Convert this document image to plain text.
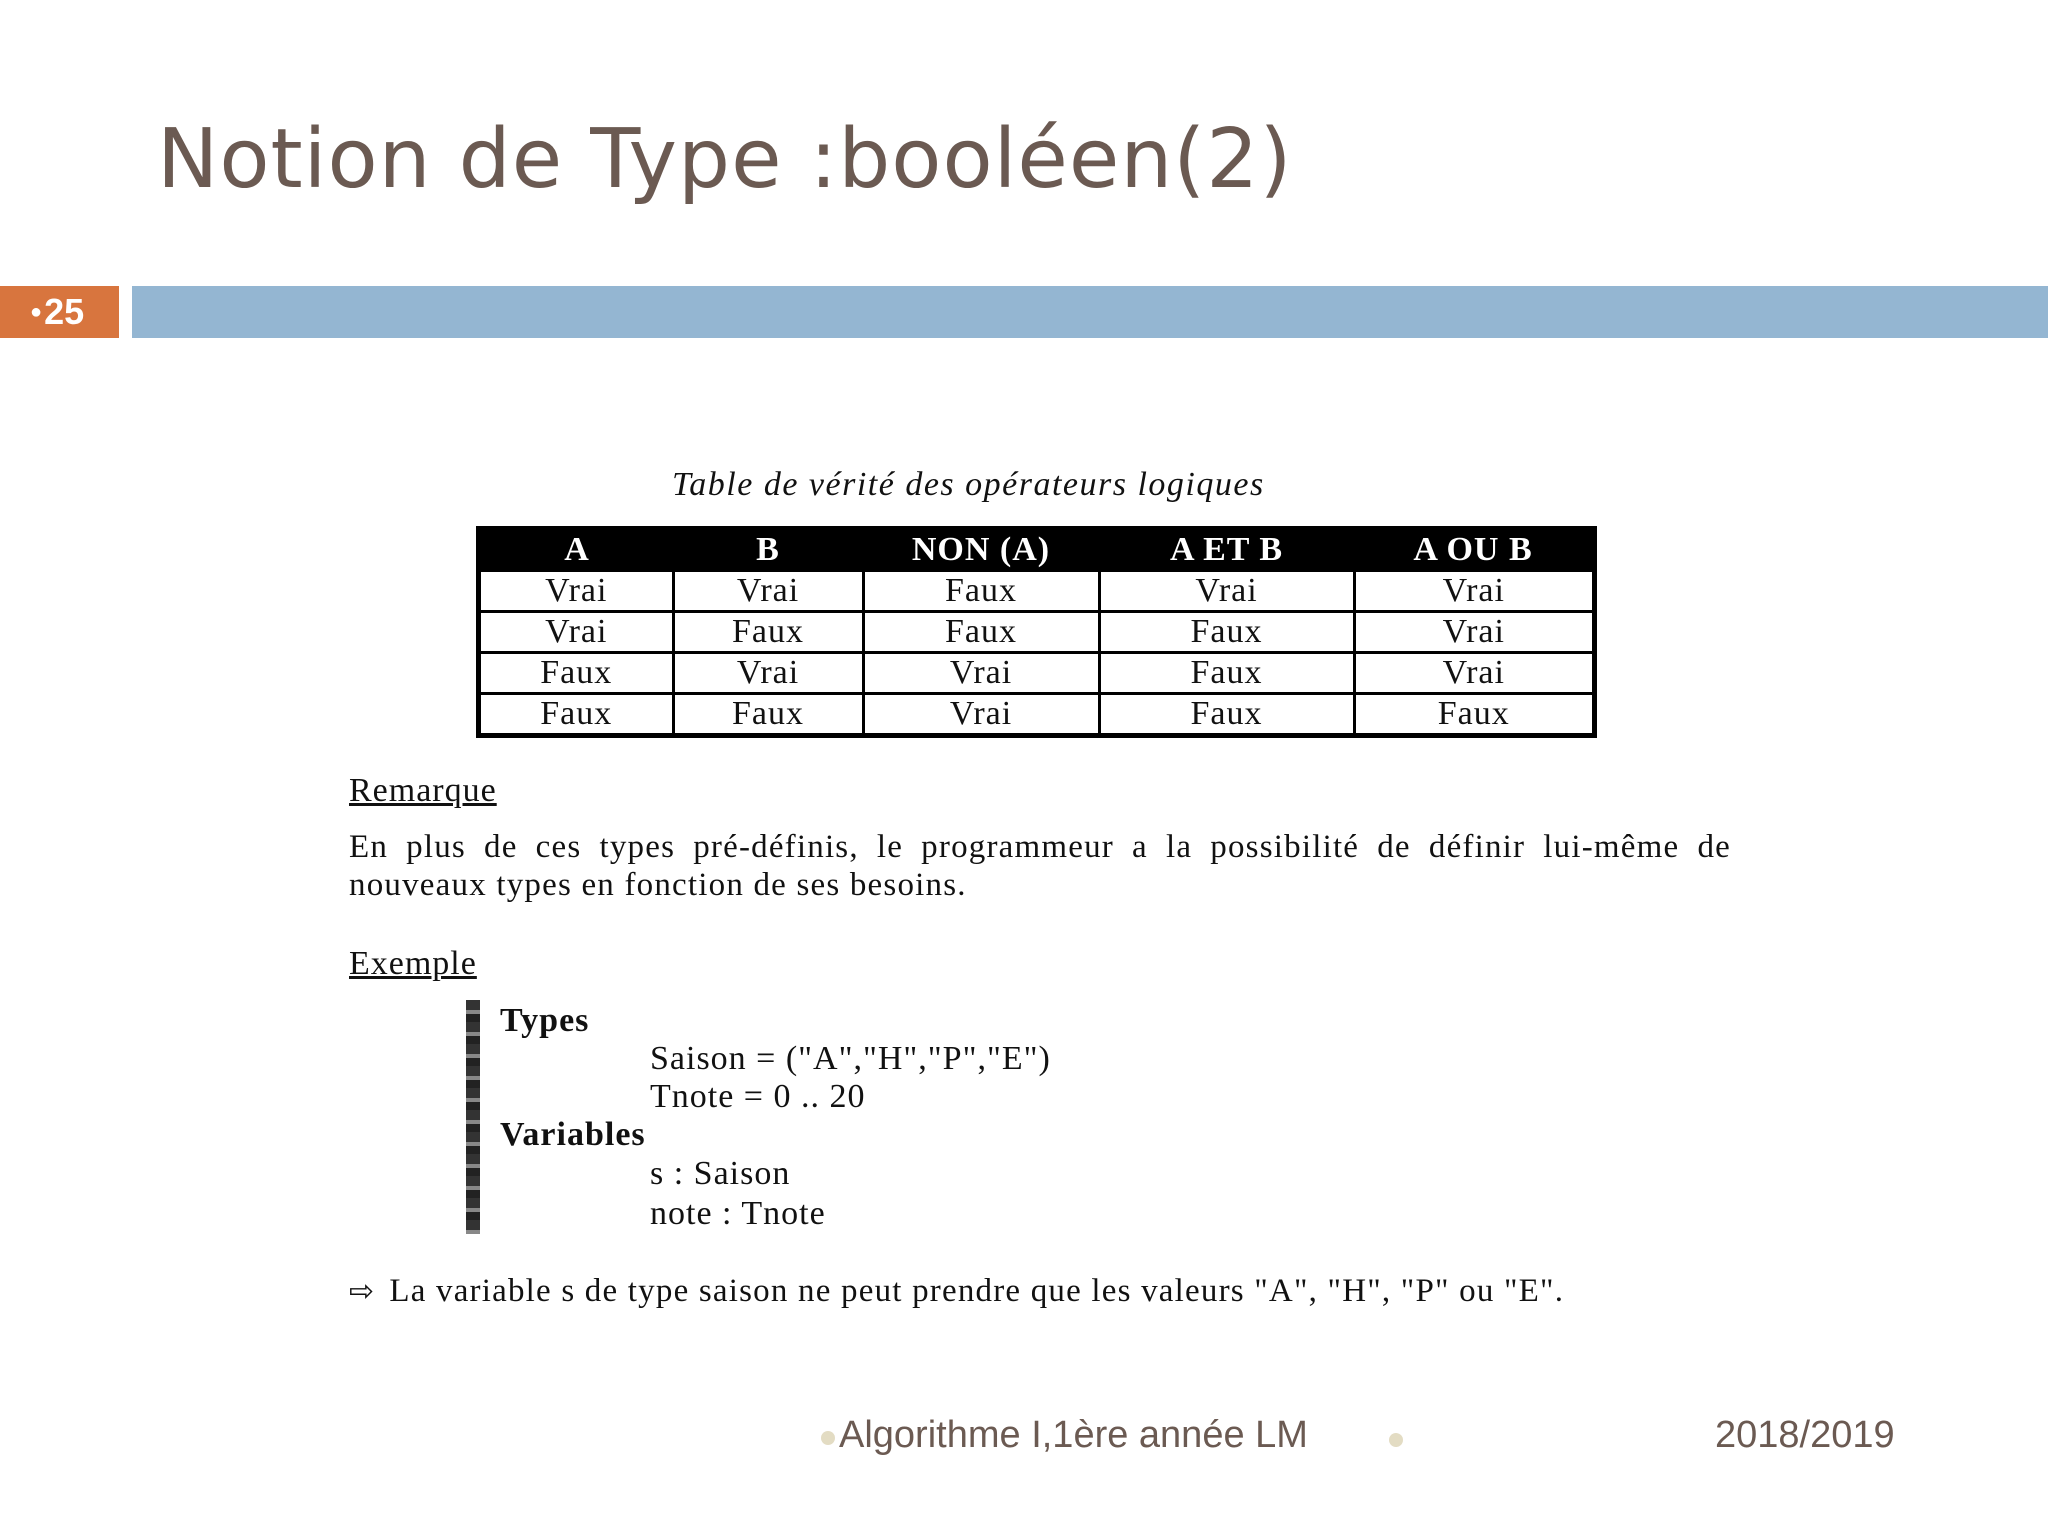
Notion de Type :booléen(2)
● 25
Table de vérité des opérateurs logiques
A	B	NON (A)	A ET B	A OU B
Vrai	Vrai	Faux	Vrai	Vrai
Vrai	Faux	Faux	Faux	Vrai
Faux	Vrai	Vrai	Faux	Vrai
Faux	Faux	Vrai	Faux	Faux
Remarque
En plus de ces types pré-définis, le programmeur a la possibilité de définir lui-même de nouveaux types en fonction de ses besoins.
Exemple
Types
Saison = ("A","H","P","E")
Tnote = 0 .. 20
Variables
s : Saison
note : Tnote
⇨ La variable s de type saison ne peut prendre que les valeurs "A", "H", "P" ou "E".
Algorithme I,1ère année LM	2018/2019
